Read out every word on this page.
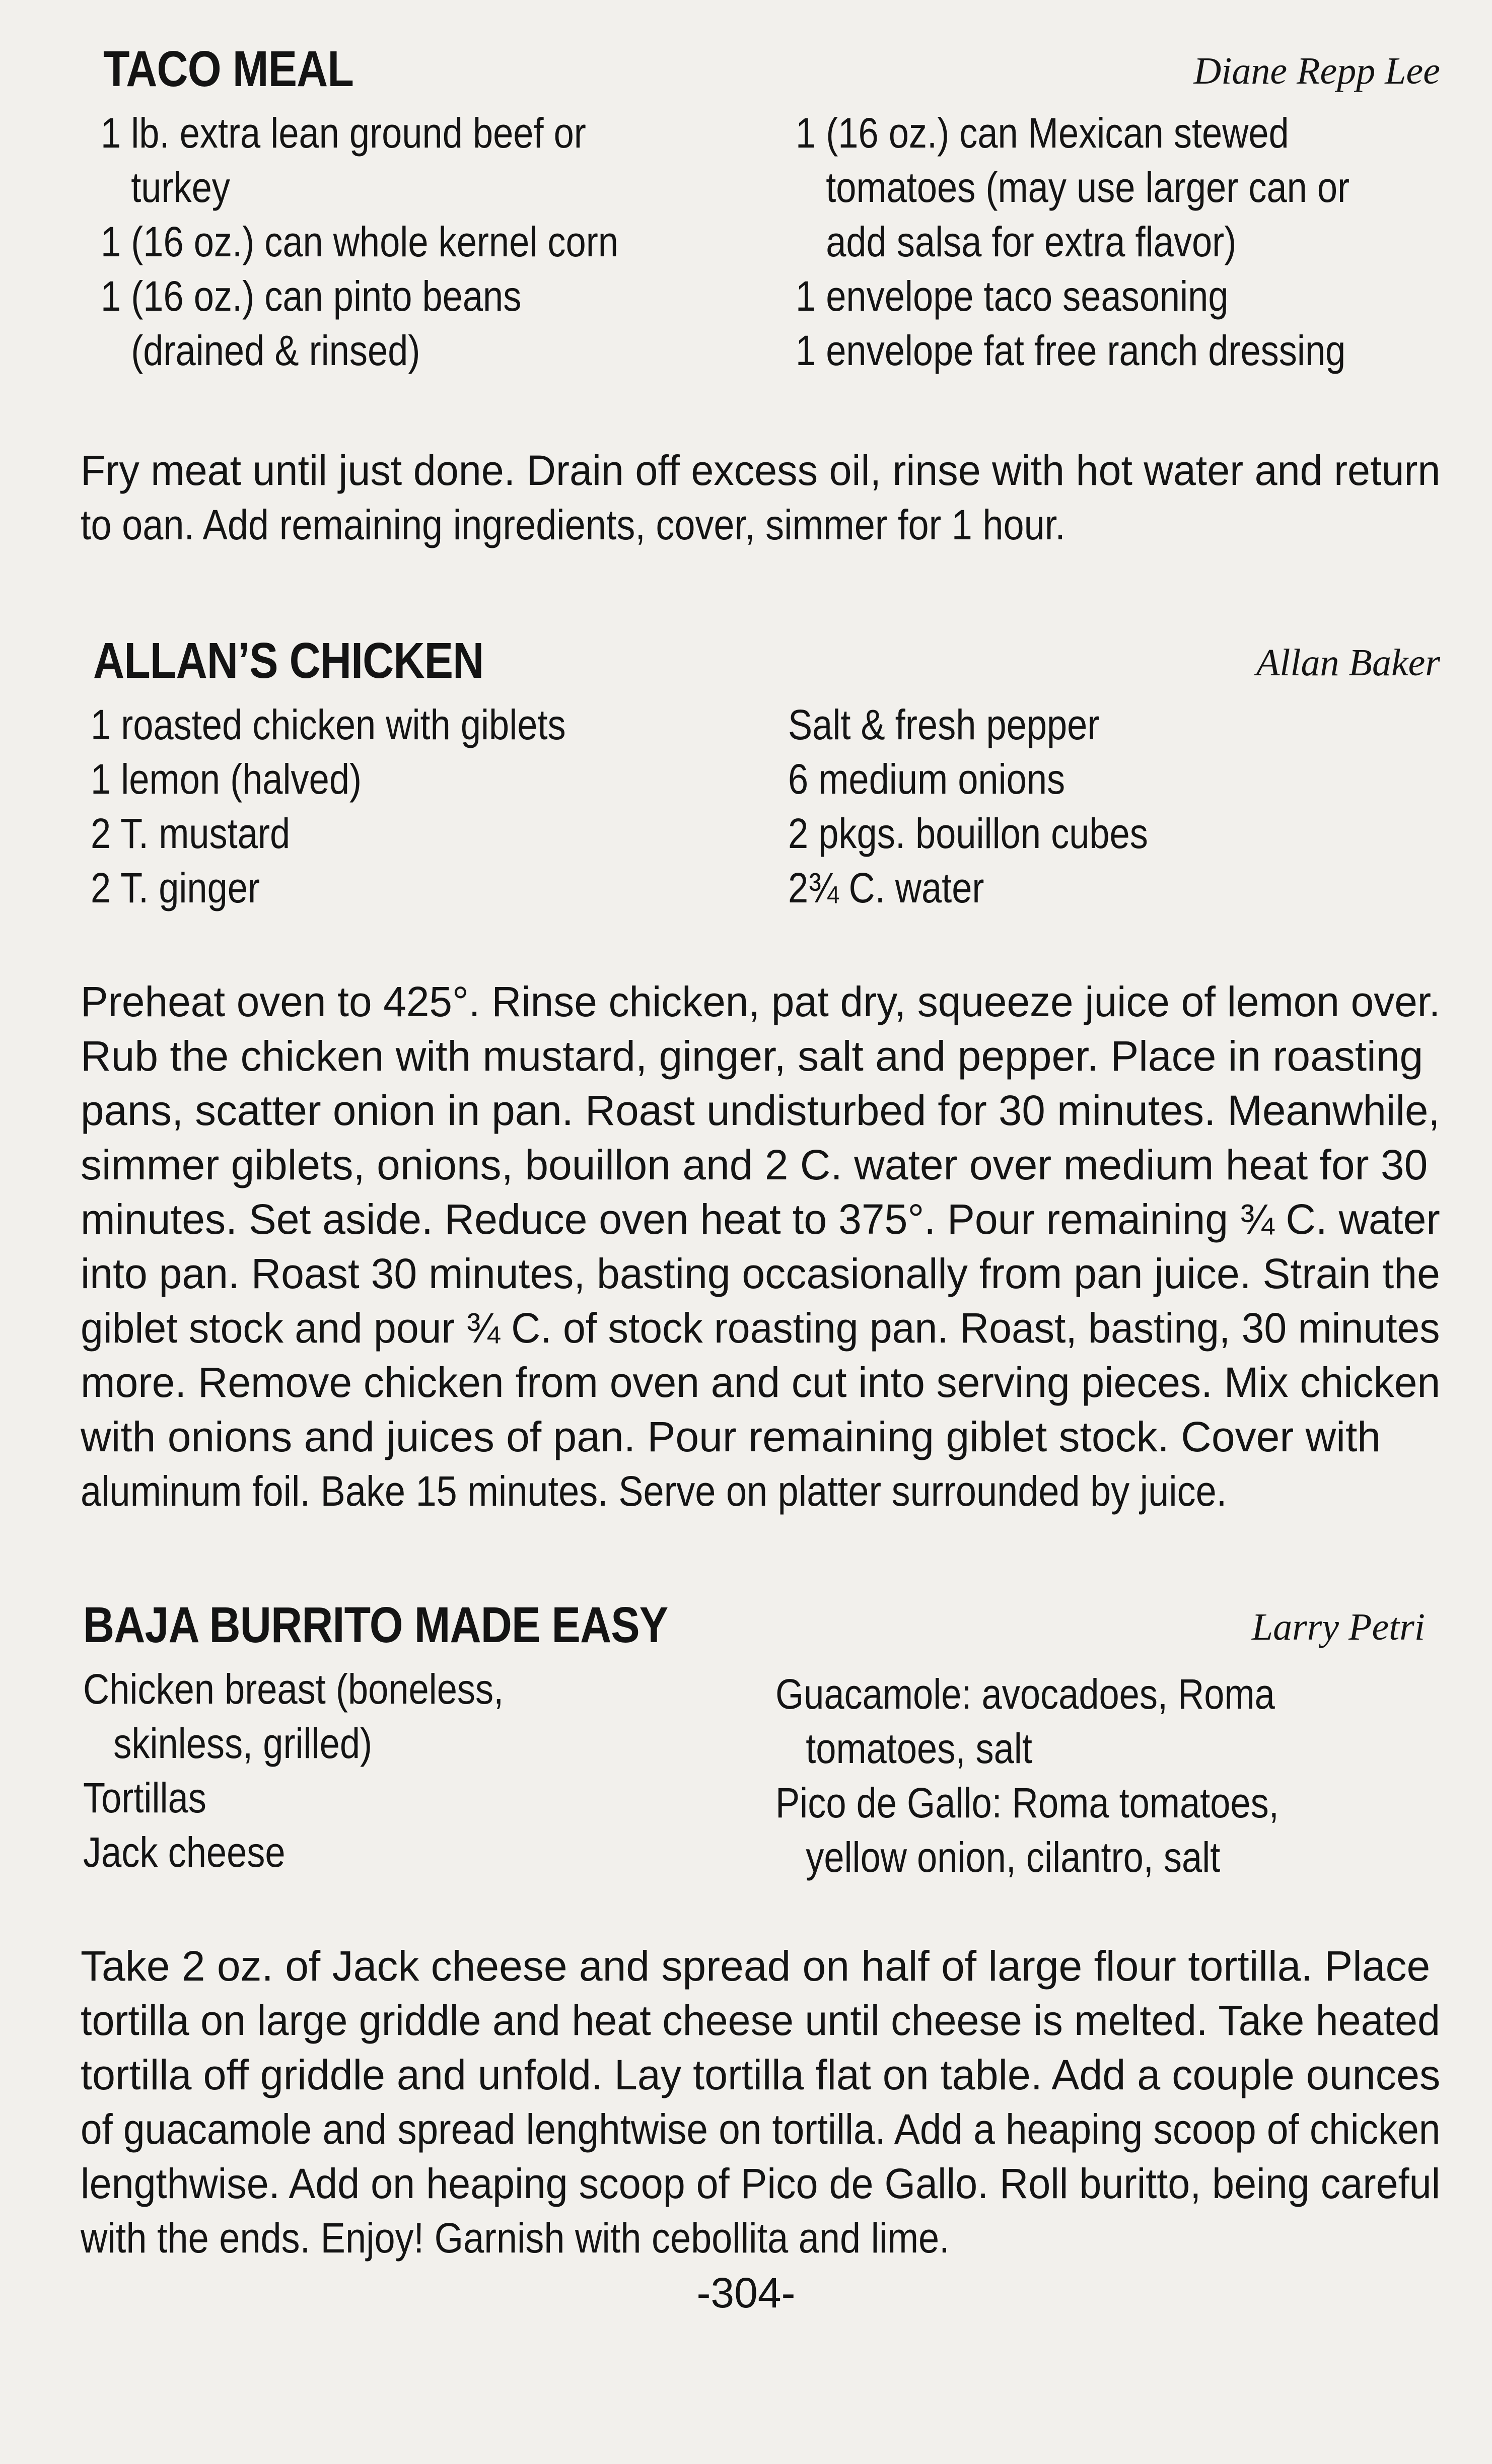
TACO MEAL	Diane Repp Lee
1 lb. extra lean ground beef or
turkey
1 (16 oz.) can whole kernel corn
1 (16 oz.) can pinto beans
(drained & rinsed)
1 (16 oz.) can Mexican stewed
tomatoes (may use larger can or
add salsa for extra flavor)
1 envelope taco seasoning
1 envelope fat free ranch dressing
Fry meat until just done. Drain off excess oil, rinse with hot water and return
to oan. Add remaining ingredients, cover, simmer for 1 hour.
ALLAN’S CHICKEN	Allan Baker
1 roasted chicken with giblets
1 lemon (halved)
2 T. mustard
2 T. ginger
Salt & fresh pepper
6 medium onions
2 pkgs. bouillon cubes
2¾ C. water
Preheat oven to 425°. Rinse chicken, pat dry, squeeze juice of lemon over.
Rub the chicken with mustard, ginger, salt and pepper. Place in roasting
pans, scatter onion in pan. Roast undisturbed for 30 minutes. Meanwhile,
simmer giblets, onions, bouillon and 2 C. water over medium heat for 30
minutes. Set aside. Reduce oven heat to 375°. Pour remaining ¾ C. water
into pan. Roast 30 minutes, basting occasionally from pan juice. Strain the
giblet stock and pour ¾ C. of stock roasting pan. Roast, basting, 30 minutes
more. Remove chicken from oven and cut into serving pieces. Mix chicken
with onions and juices of pan. Pour remaining giblet stock. Cover with
aluminum foil. Bake 15 minutes. Serve on platter surrounded by juice.
BAJA BURRITO MADE EASY	Larry Petri
Chicken breast (boneless,
skinless, grilled)
Tortillas
Jack cheese
Guacamole: avocadoes, Roma
tomatoes, salt
Pico de Gallo: Roma tomatoes,
yellow onion, cilantro, salt
Take 2 oz. of Jack cheese and spread on half of large flour tortilla. Place
tortilla on large griddle and heat cheese until cheese is melted. Take heated
tortilla off griddle and unfold. Lay tortilla flat on table. Add a couple ounces
of guacamole and spread lenghtwise on tortilla. Add a heaping scoop of chicken
lengthwise. Add on heaping scoop of Pico de Gallo. Roll buritto, being careful
with the ends. Enjoy! Garnish with cebollita and lime.
-304-
